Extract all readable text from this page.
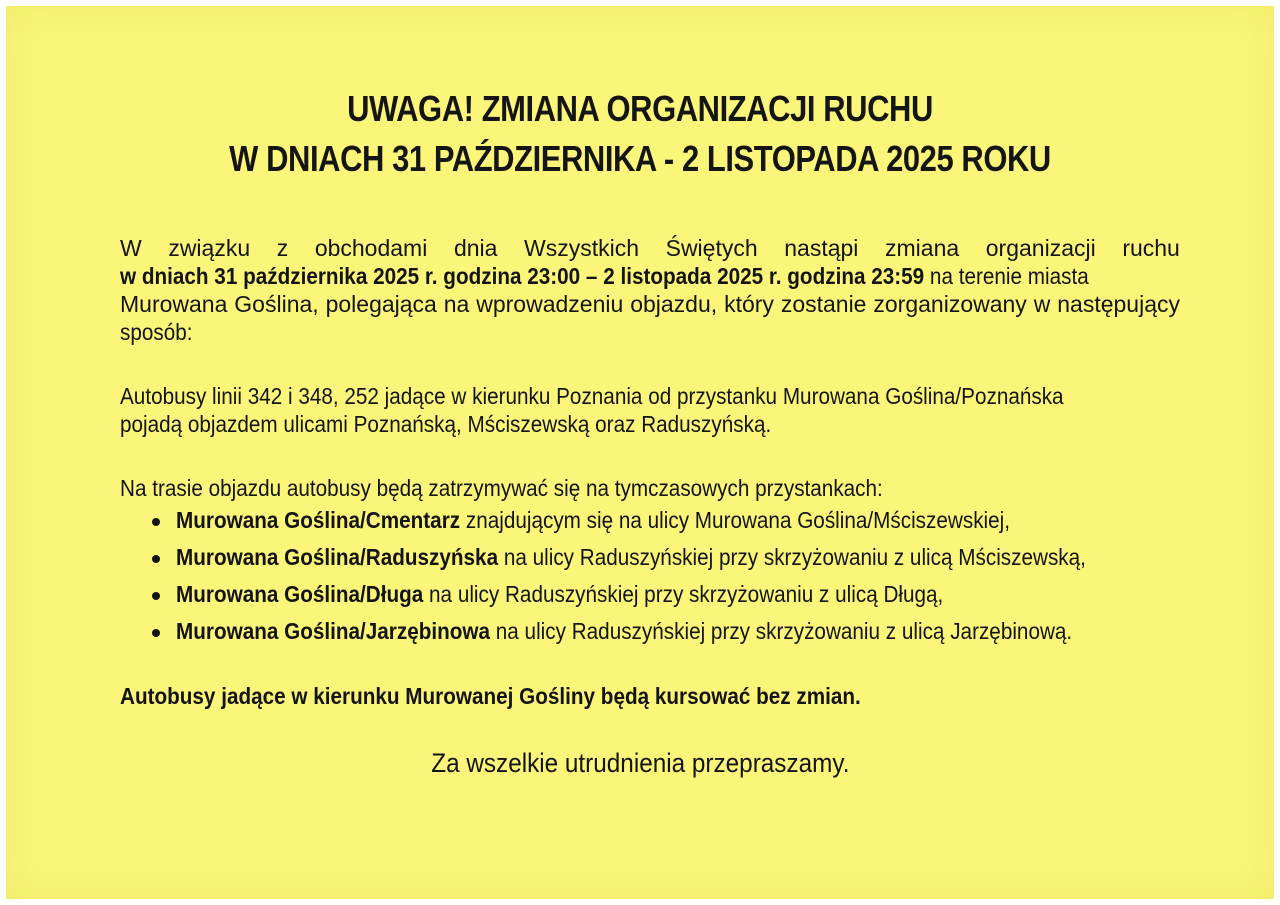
UWAGA! ZMIANA ORGANIZACJI RUCHU
W DNIACH 31 PAŹDZIERNIKA - 2 LISTOPADA 2025 ROKU
W związku z obchodami dnia Wszystkich Świętych nastąpi zmiana organizacji ruchu
w dniach 31 października 2025 r. godzina 23:00 – 2 listopada 2025 r. godzina 23:59 na terenie miasta
Murowana Goślina, polegająca na wprowadzeniu objazdu, który zostanie zorganizowany w następujący
sposób:
Autobusy linii 342 i 348, 252 jadące w kierunku Poznania od przystanku Murowana Goślina/Poznańska
pojadą objazdem ulicami Poznańską, Mściszewską oraz Raduszyńską.
Na trasie objazdu autobusy będą zatrzymywać się na tymczasowych przystankach:
Murowana Goślina/Cmentarz znajdującym się na ulicy Murowana Goślina/Mściszewskiej,
Murowana Goślina/Raduszyńska na ulicy Raduszyńskiej przy skrzyżowaniu z ulicą Mściszewską,
Murowana Goślina/Długa na ulicy Raduszyńskiej przy skrzyżowaniu z ulicą Długą,
Murowana Goślina/Jarzębinowa na ulicy Raduszyńskiej przy skrzyżowaniu z ulicą Jarzębinową.
Autobusy jadące w kierunku Murowanej Gośliny będą kursować bez zmian.
Za wszelkie utrudnienia przepraszamy.
